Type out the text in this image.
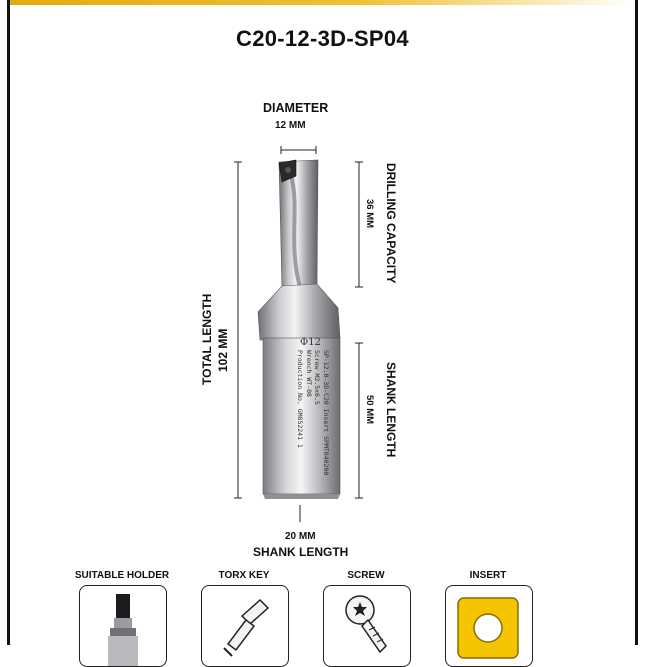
C20-12-3D-SP04
Φ12
SP-12.0-3D-C20 Insert SPMT040200
Screw M2.5x6.5
Wrench WT-08
Production No. GM852241 1
DIAMETER
12 MM
DRILLING CAPACITY
36 MM
SHANK LENGTH
50 MM
TOTAL LENGTH 102 MM
20 MM
SHANK LENGTH
SUITABLE HOLDER	TORX KEY	SCREW	INSERT
